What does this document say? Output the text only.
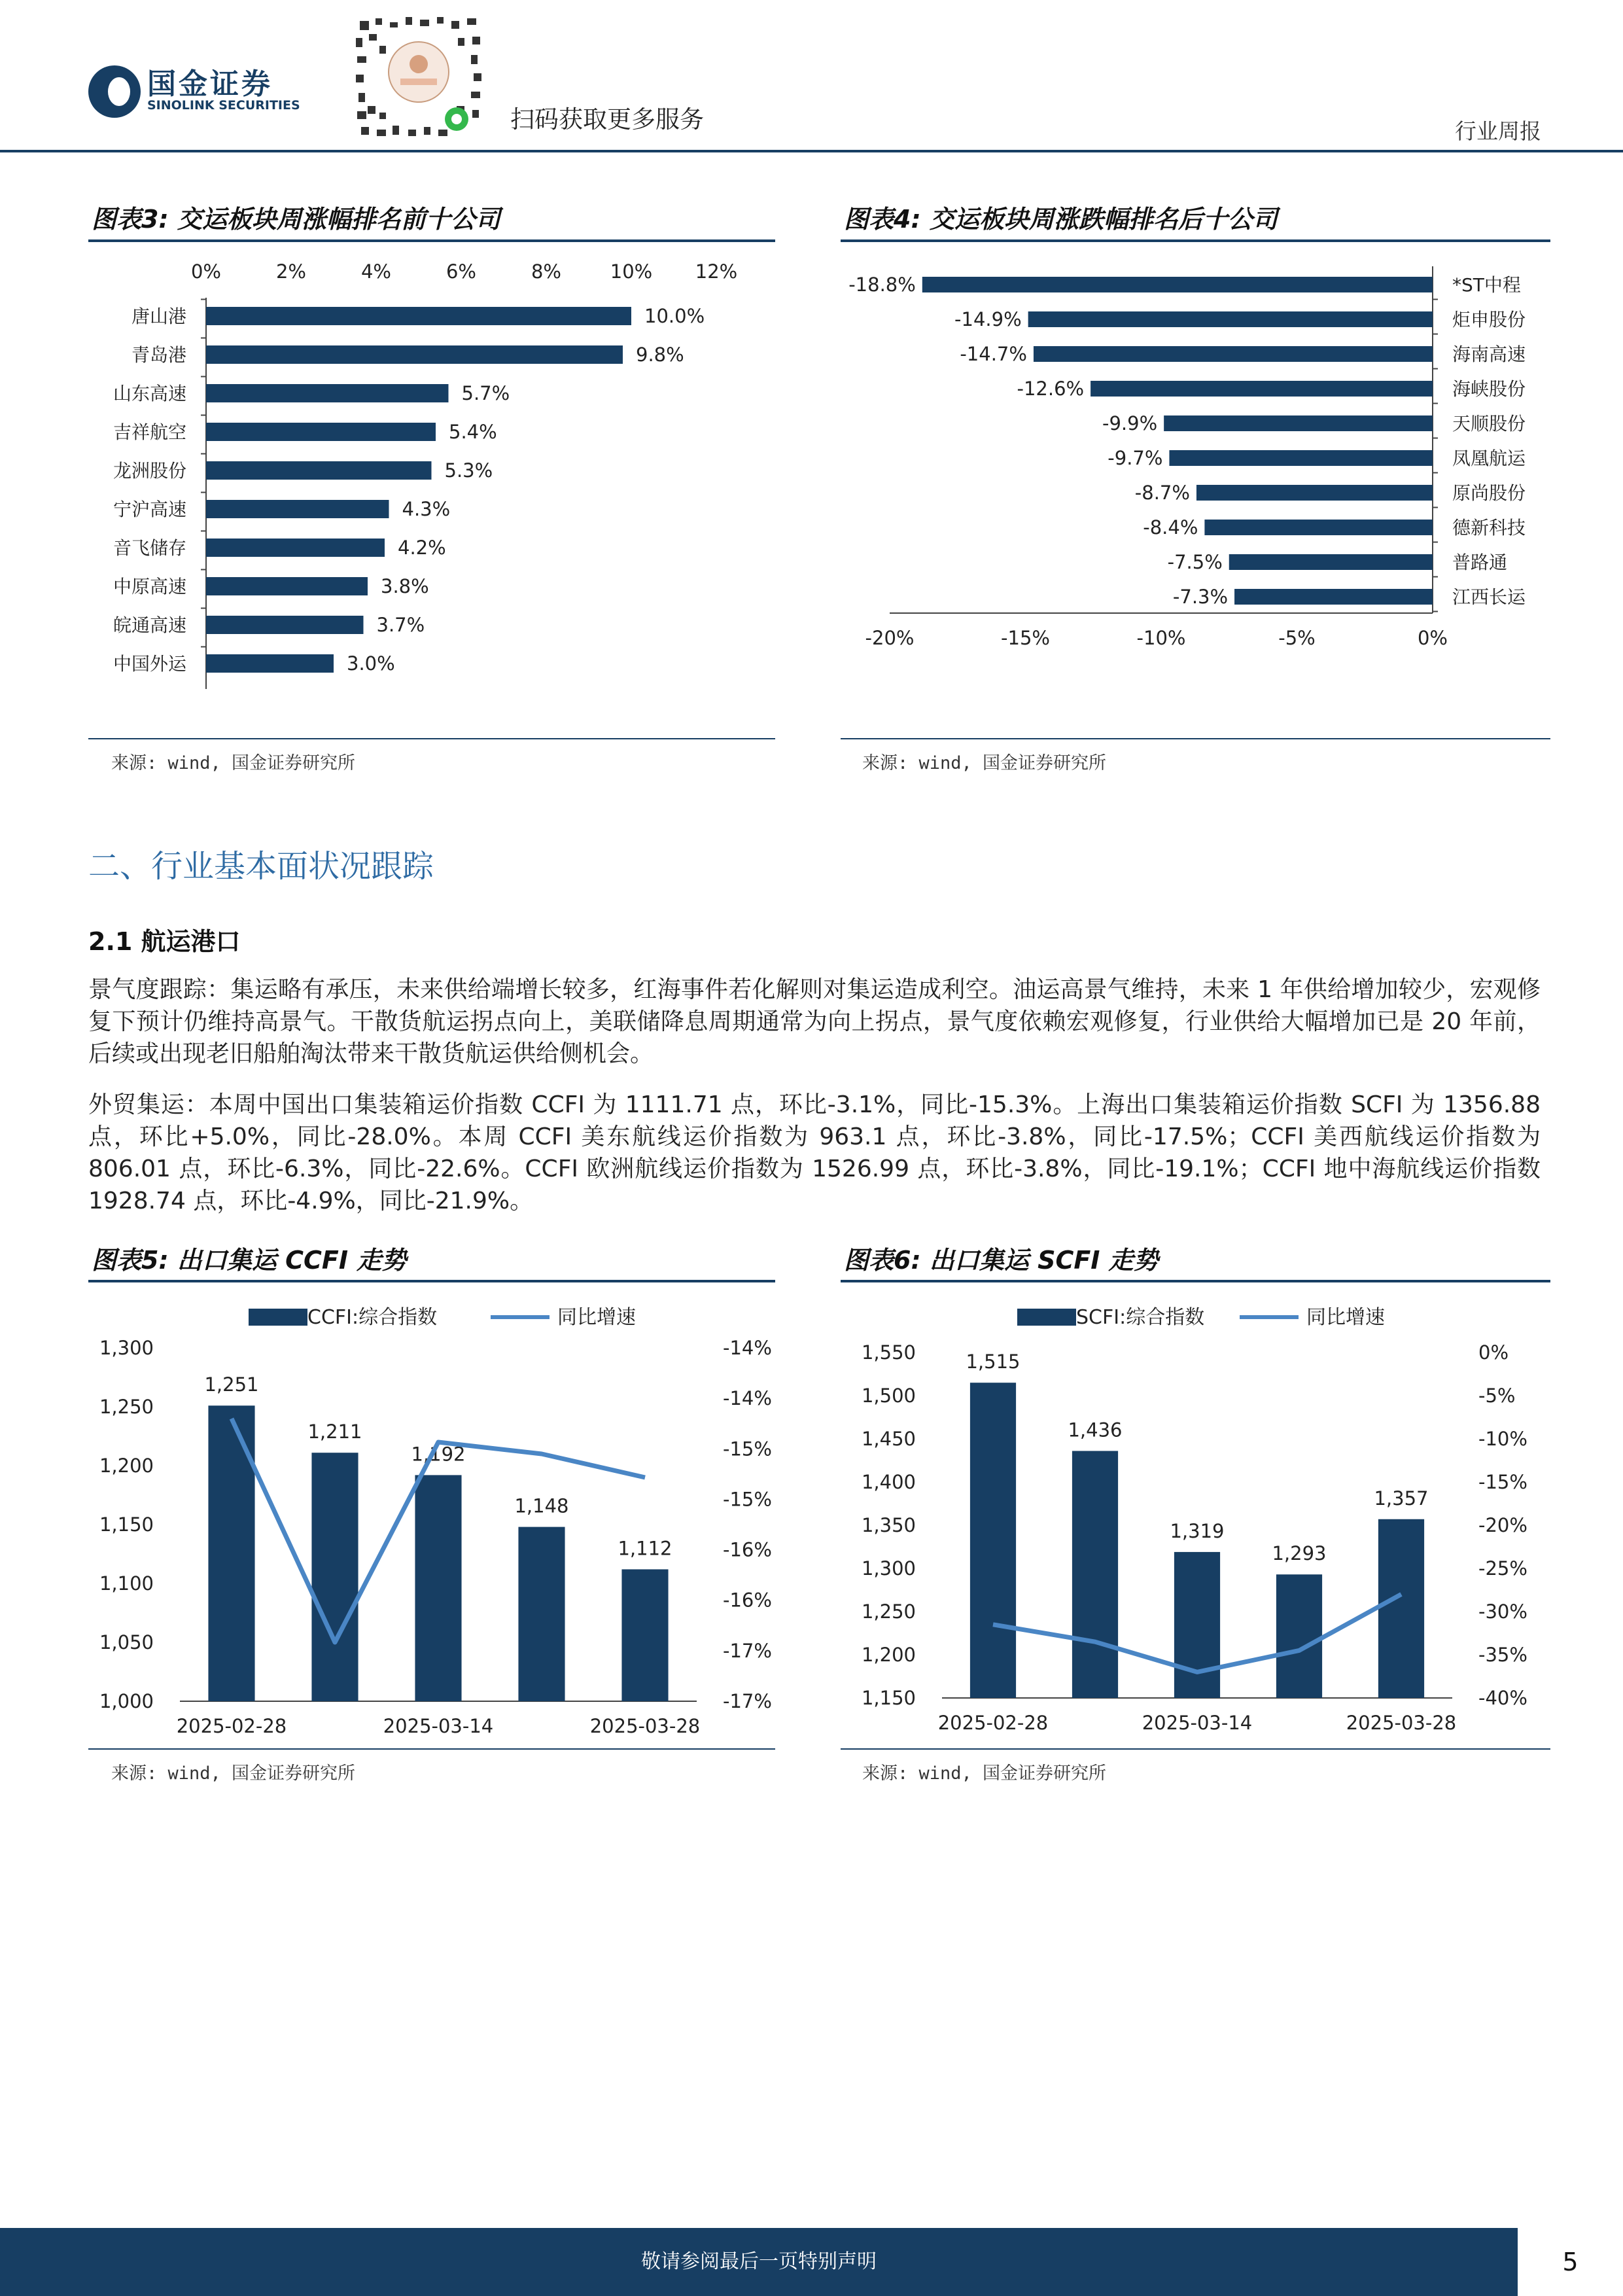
国金证券
SINOLINK SECURITIES	扫码获取更多服务	行业周报
图表3: 交运板块周涨幅排名前十公司
0%	2%	4%	6%	8%	10% 12%
唐山港	10.0%
青岛港	9.8%
山东高速	5.7%
吉祥航空	5.4%
龙洲股份	5.3%
宁沪高速	4.3%
音飞储存	4.2%
中原高速	3.8%
皖通高速	3.7%
中国外运	3.0%
来源: wind, 国金证券研究所
图表4: 交运板块周涨跌幅排名后十公司
*ST中程
-18.8%
炬申股份
-14.9%
海南高速
-14.7%
海峡股份
-12.6%
天顺股份
-9.9%
凤凰航运
-9.7%
原尚股份
-8.7%
德新科技
-8.4%
普路通
-7.5%
江西长运
-7.3%
-20%	-15%	-10%	-5%	0%
来源: wind, 国金证券研究所
二、行业基本面状况跟踪
2.1 航运港口
景气度跟踪：集运略有承压，未来供给端增长较多，红海事件若化解则对集运造成利空。油运高景气维持，未来 1 年供给增加较少，宏观修复下预计仍维持高景气。干散货航运拐点向上，美联储降息周期通常为向上拐点，景气度依赖宏观修复，行业供给大幅增加已是 20 年前，后续或出现老旧船舶淘汰带来干散货航运供给侧机会。
外贸集运：本周中国出口集装箱运价指数 CCFI 为 1111.71 点，环比-3.1%，同比-15.3%。上海出口集装箱运价指数 SCFI 为 1356.88 点，环比+5.0%，同比-28.0%。本周 CCFI 美东航线运价指数为 963.1 点，环比-3.8%，同比-17.5%；CCFI 美西航线运价指数为 806.01 点，环比-6.3%，同比-22.6%。CCFI 欧洲航线运价指数为 1526.99 点，环比-3.8%，同比-19.1%；CCFI 地中海航线运价指数 1928.74 点，环比-4.9%，同比-21.9%。
图表5: 出口集运 CCFI 走势
CCFI:综合指数	同比增速
1,000
1,050
1,100
1,150
1,200
1,250
1,300	-14%
-14%
-15%
-15%
-16%
-16%
-17%
-17%
1,251
1,211
1,192
1,148
1,112
2025-02-28	2025-03-14	2025-03-28
来源: wind, 国金证券研究所
图表6: 出口集运 SCFI 走势
SCFI:综合指数	同比增速
1,150
1,200
1,250
1,300
1,350
1,400
1,450
1,500
1,550	0%
-5%
-10%
-15%
-20%
-25%
-30%
-35%
-40%
1,515
1,436
1,319
1,293
1,357
2025-02-28	2025-03-14	2025-03-28
来源: wind, 国金证券研究所
敬请参阅最后一页特别声明	5
